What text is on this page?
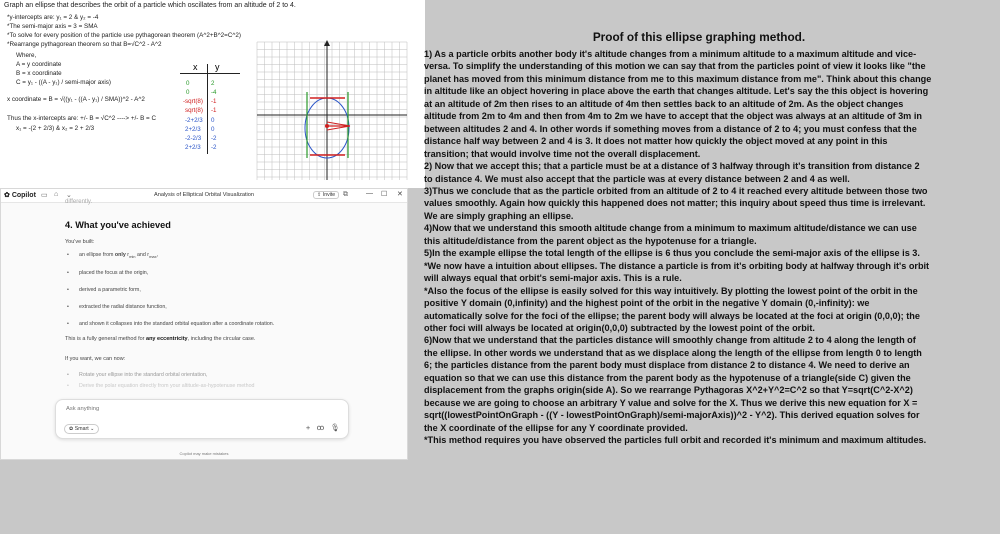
Graph an ellipse that describes the orbit of a particle which oscillates from an altitude of 2 to 4.
*y-intercepts are: y₁ = 2 & y₂ = -4
*The semi-major axis = 3 = SMA
*To solve for every position of the particle use pythagorean theorem (A^2+B^2=C^2)
*Rearrange pythagorean theorem so that B=√C^2 - A^2
Where,
A = y coordinate
B = x coordinate
C = y₁ - ((A - y₁) / semi-major axis)
x coordinate = B = √((y₁ - ((A - y₁) / SMA))^2 - A^2
Thus the x-intercepts are: +/- B = √C^2 ----> +/- B = C
x₁ = -(2 + 2/3) & x₂ = 2 + 2/3
x y
0	2
0	-4
-sqrt(8) -1
sqrt(8) -1
-2+2/3 0
2+2/3 0
-2-2/3 -2
2+2/3 -2
✿ Copilot ▭ ⌂ ⌄	Analysis of Elliptical Orbital Visualization	⇪ Invite	⧉	— ☐ ✕
differently.
4. What you've achieved
You've built:
• an ellipse from only $r_{min}$ and $r_{max}$,
• placed the focus at the origin,
• derived a parametric form,
• extracted the radial distance function,
• and shown it collapses into the standard orbital equation after a coordinate rotation.
This is a fully general method for any eccentricity, including the circular case.
If you want, we can now:
• Rotate your ellipse into the standard orbital orientation,
• Derive the polar equation directly from your altitude-as-hypotenuse method
Ask anything
✿ Smart ⌄	+ ꝏ 🎙
Copilot may make mistakes
Proof of this ellipse graphing method.
1) As a particle orbits another body it's altitude changes from a minimum altitude to a maximum altitude and vice-
versa. To simplify the understanding of this motion we can say that from the particles point of view it looks like "the
planet has moved from this minimum distance from me to this maximum distance from me". Think about this change
in altitude like an object hovering in place above the earth that changes altitude. Let's say the this object is hovering
at an altitude of 2m then rises to an altitude of 4m then settles back to an altitude of 2m. As the object changes
altitude from 2m to 4m and then from 4m to 2m we have to accept that the object was always at an altitude of 3m in
between altitudes 2 and 4. In other words if something moves from a distance of 2 to 4; you must confess that the
distance half way between 2 and 4 is 3. It does not matter how quickly the object moved at any point in this
transition; that would involve time not the overall displacement.
2) Now that we accept this; that a particle must be at a distance of 3 halfway through it's transition from distance 2
to distance 4. We must also accept that the particle was at every distance between 2 and 4 as well.
3)Thus we conclude that as the particle orbited from an altitude of 2 to 4 it reached every altitude between those two
values smoothly. Again how quickly this happened does not matter; this inquiry about speed thus time is irrelevant.
We are simply graphing an ellipse.
4)Now that we understand this smooth altitude change from a minimum to maximum altitude/distance we can use
this altitude/distance from the parent object as the hypotenuse for a triangle.
5)In the example ellipse the total length of the ellipse is 6 thus you conclude the semi-major axis of the ellipse is 3.
*We now have a intuition about ellipses. The distance a particle is from it's orbiting body at halfway through it's orbit
will always equal that orbit's semi-major axis. This is a rule.
*Also the focus of the ellipse is easily solved for this way intuitively. By plotting the lowest point of the orbit in the
positive Y domain (0,infinity) and the highest point of the orbit in the negative Y domain (0,-infinity): we
automatically solve for the foci of the ellipse; the parent body will always be located at the foci at origin (0,0,0); the
other foci will always be located at origin(0,0,0) subtracted by the lowest point of the orbit.
6)Now that we understand that the particles distance will smoothly change from altitude 2 to 4 along the length of
the ellipse. In other words we understand that as we displace along the length of the ellipse from length 0 to length
6; the particles distance from the parent body must displace from distance 2 to distance 4. We need to derive an
equation so that we can use this distance from the parent body as the hypotenuse of a triangle(side C) given the
displacement from the graphs origin(side A). So we rearrange Pythagoras X^2+Y^2=C^2 so that Y=sqrt(C^2-X^2)
because we are going to choose an arbitrary Y value and solve for the X. Thus we derive this new equation for X =
sqrt((lowestPointOnGraph - ((Y - lowestPointOnGraph)/semi-majorAxis))^2 - Y^2). This derived equation solves for
the X coordinate of the ellipse for any Y coordinate provided.
*This method requires you have observed the particles full orbit and recorded it's minimum and maximum altitudes.
